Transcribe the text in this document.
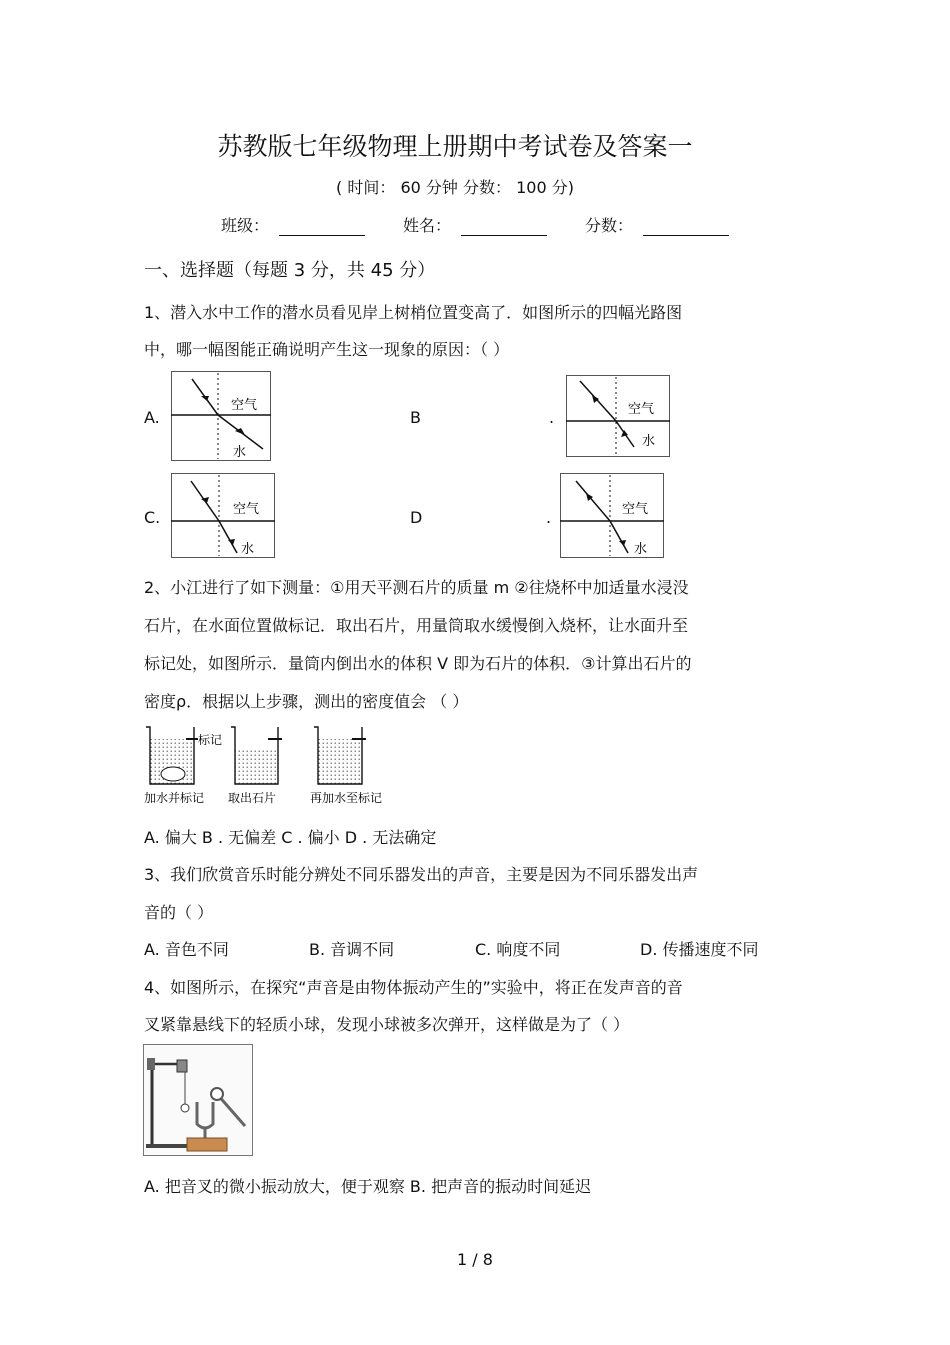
苏教版七年级物理上册期中考试卷及答案一
( 时间： 60 分钟 分数： 100 分)
班级：	姓名：	分数：
一、选择题（每题 3 分，共 45 分）
1、潜入水中工作的潜水员看见岸上树梢位置变高了．如图所示的四幅光路图
中，哪一幅图能正确说明产生这一现象的原因：（ ）
A.	B	.
C.	D	.
空气
水
空气
水
空气
水
空气
水
2、小江进行了如下测量：①用天平测石片的质量 m ②往烧杯中加适量水浸没
石片，在水面位置做标记．取出石片，用量筒取水缓慢倒入烧杯，让水面升至
标记处，如图所示．量筒内倒出水的体积 V 即为石片的体积．③计算出石片的
密度ρ．根据以上步骤，测出的密度值会 （ ）
标记
加水并标记 取出石片	再加水至标记
A. 偏大 B . 无偏差 C . 偏小 D . 无法确定
3、我们欣赏音乐时能分辨处不同乐器发出的声音，主要是因为不同乐器发出声
音的（ ）
A. 音色不同	B. 音调不同	C. 响度不同	D. 传播速度不同
4、如图所示，在探究“声音是由物体振动产生的”实验中，将正在发声音的音
叉紧靠悬线下的轻质小球，发现小球被多次弹开，这样做是为了（ ）
A. 把音叉的微小振动放大，便于观察 B. 把声音的振动时间延迟
1 / 8
